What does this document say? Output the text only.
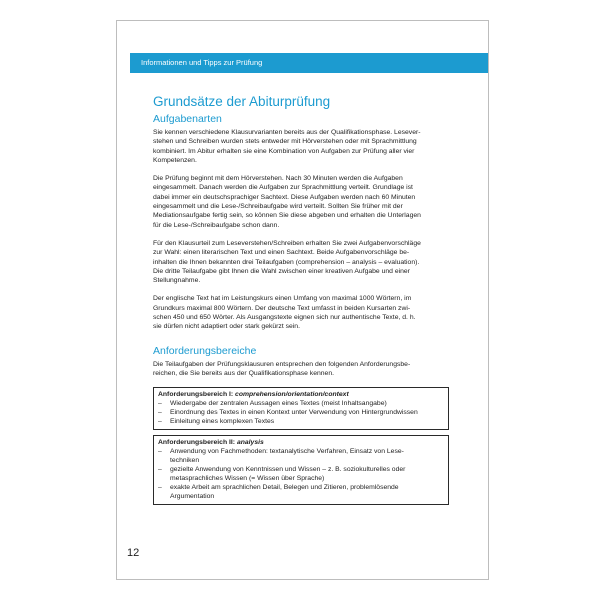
Informationen und Tipps zur Prüfung
Grundsätze der Abiturprüfung
Aufgabenarten

Sie kennen verschiedene Klausurvarianten bereits aus der Qualifikationsphase. Lesever-
stehen und Schreiben wurden stets entweder mit Hörverstehen oder mit Sprachmittlung
kombiniert. Im Abitur erhalten sie eine Kombination von Aufgaben zur Prüfung aller vier
Kompetenzen.

Die Prüfung beginnt mit dem Hörverstehen. Nach 30 Minuten werden die Aufgaben
eingesammelt. Danach werden die Aufgaben zur Sprachmittlung verteilt. Grundlage ist
dabei immer ein deutschsprachiger Sachtext. Diese Aufgaben werden nach 60 Minuten
eingesammelt und die Lese-/Schreibaufgabe wird verteilt. Sollten Sie früher mit der
Mediationsaufgabe fertig sein, so können Sie diese abgeben und erhalten die Unterlagen
für die Lese-/Schreibaufgabe schon dann.

Für den Klausurteil zum Leseverstehen/Schreiben erhalten Sie zwei Aufgabenvorschläge
zur Wahl: einen literarischen Text und einen Sachtext. Beide Aufgabenvorschläge be-
inhalten die Ihnen bekannten drei Teilaufgaben (comprehension – analysis – evaluation).
Die dritte Teilaufgabe gibt Ihnen die Wahl zwischen einer kreativen Aufgabe und einer
Stellungnahme.

Der englische Text hat im Leistungskurs einen Umfang von maximal 1000 Wörtern, im
Grundkurs maximal 800 Wörtern. Der deutsche Text umfasst in beiden Kursarten zwi-
schen 450 und 650 Wörter. Als Ausgangstexte eignen sich nur authentische Texte, d. h.
sie dürfen nicht adaptiert oder stark gekürzt sein.

Anforderungsbereiche

Die Teilaufgaben der Prüfungsklausuren entsprechen den folgenden Anforderungsbe-
reichen, die Sie bereits aus der Qualifikationsphase kennen.

Anforderungsbereich I: comprehension/orientation/context
– Wiedergabe der zentralen Aussagen eines Textes (meist Inhaltsangabe)
– Einordnung des Textes in einen Kontext unter Verwendung von Hintergrundwissen
– Einleitung eines komplexen Textes
Anforderungsbereich II: analysis
– Anwendung von Fachmethoden: textanalytische Verfahren, Einsatz von Lese-
techniken
– gezielte Anwendung von Kenntnissen und Wissen – z. B. soziokulturelles oder
metasprachliches Wissen (= Wissen über Sprache)
– exakte Arbeit am sprachlichen Detail, Belegen und Zitieren, problemlösende
Argumentation
12
